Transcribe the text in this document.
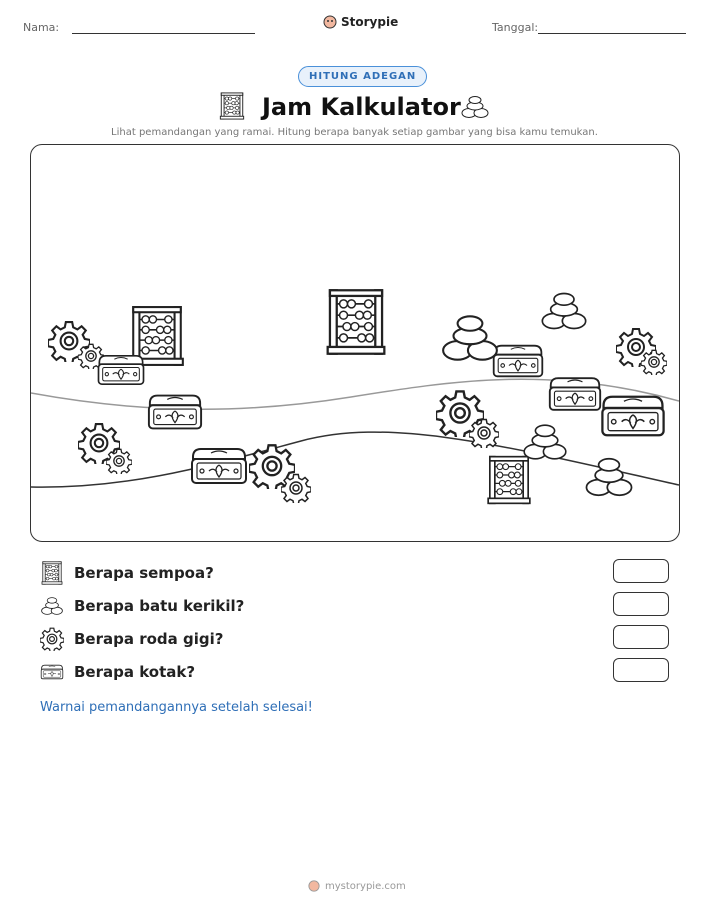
Nama:	Storypie	Tanggal:
HITUNG ADEGAN
Jam Kalkulator
Lihat pemandangan yang ramai. Hitung berapa banyak setiap gambar yang bisa kamu temukan.
Berapa sempoa?
Berapa batu kerikil?
Berapa roda gigi?
Berapa kotak?
Warnai pemandangannya setelah selesai!
mystorypie.com
